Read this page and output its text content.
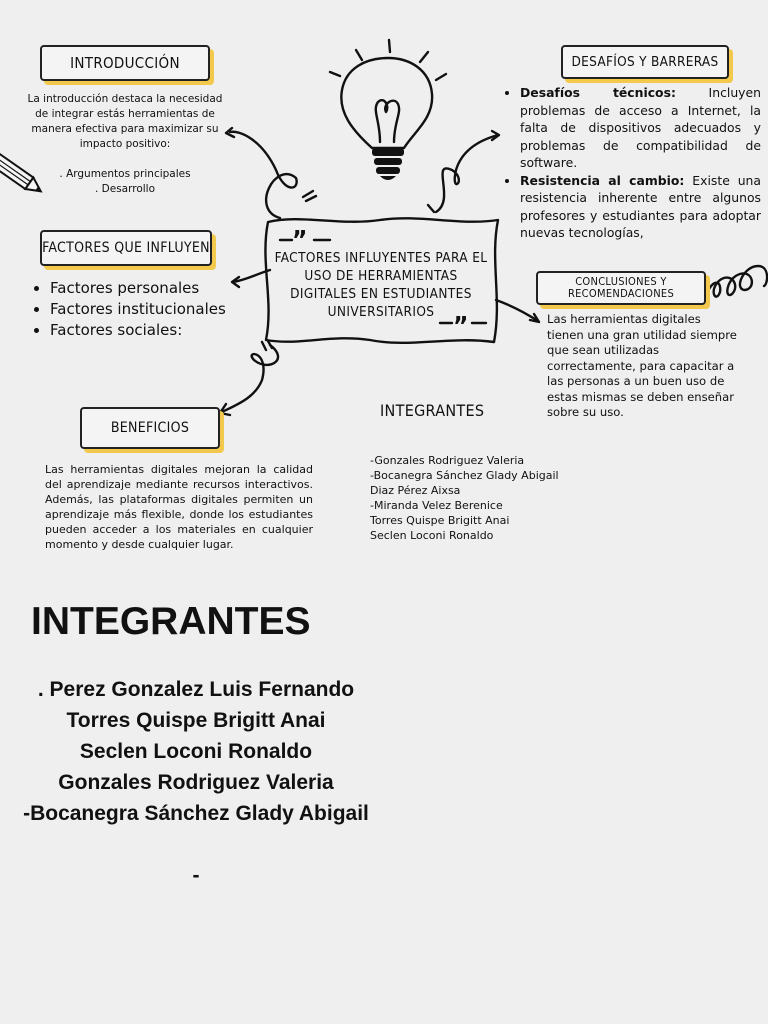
”
”
FACTORES INFLUYENTES PARA EL USO DE HERRAMIENTAS DIGITALES EN ESTUDIANTES UNIVERSITARIOS
INTRODUCCIÓN
La introducción destaca la necesidad de integrar estás herramientas de manera efectiva para maximizar su impacto positivo:
. Argumentos principales
. Desarrollo
DESAFÍOS Y BARRERAS
• Desafíos técnicos: Incluyen problemas de acceso a Internet, la falta de dispositivos adecuados y problemas de compatibilidad de software.
• Resistencia al cambio: Existe una resistencia inherente entre algunos profesores y estudiantes para adoptar nuevas tecnologías,
FACTORES QUE INFLUYEN
• Factores personales
• Factores institucionales
• Factores sociales:
CONCLUSIONES Y
RECOMENDACIONES
Las herramientas digitales tienen una gran utilidad siempre que sean utilizadas correctamente, para capacitar a las personas a un buen uso de estas mismas se deben enseñar sobre su uso.
BENEFICIOS
Las herramientas digitales mejoran la calidad del aprendizaje mediante recursos interactivos. Además, las plataformas digitales permiten un aprendizaje más flexible, donde los estudiantes pueden acceder a los materiales en cualquier momento y desde cualquier lugar.
INTEGRANTES
-Gonzales Rodriguez Valeria
-Bocanegra Sánchez Glady Abigail
Diaz Pérez Aixsa
-Miranda Velez Berenice
Torres Quispe Brigitt Anai
Seclen Loconi Ronaldo
INTEGRANTES
. Perez Gonzalez Luis Fernando
Torres Quispe Brigitt Anai
Seclen Loconi Ronaldo
Gonzales Rodriguez Valeria
-Bocanegra Sánchez Glady Abigail
-
